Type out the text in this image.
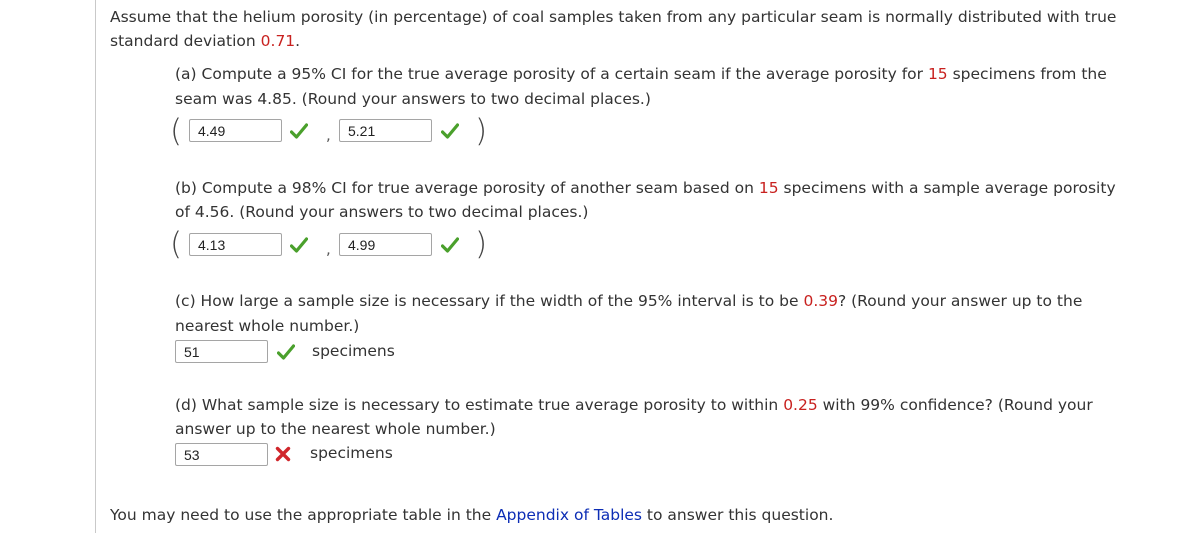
Assume that the helium porosity (in percentage) of coal samples taken from any particular seam is normally distributed with true
standard deviation 0.71.
(a) Compute a 95% CI for the true average porosity of a certain seam if the average porosity for 15 specimens from the
seam was 4.85. (Round your answers to two decimal places.)
(	4.49	,	5.21	)
(b) Compute a 98% CI for true average porosity of another seam based on 15 specimens with a sample average porosity
of 4.56. (Round your answers to two decimal places.)
(	4.13	,	4.99	)
(c) How large a sample size is necessary if the width of the 95% interval is to be 0.39? (Round your answer up to the
nearest whole number.)
51	specimens
(d) What sample size is necessary to estimate true average porosity to within 0.25 with 99% confidence? (Round your
answer up to the nearest whole number.)
53	specimens
You may need to use the appropriate table in the Appendix of Tables to answer this question.
